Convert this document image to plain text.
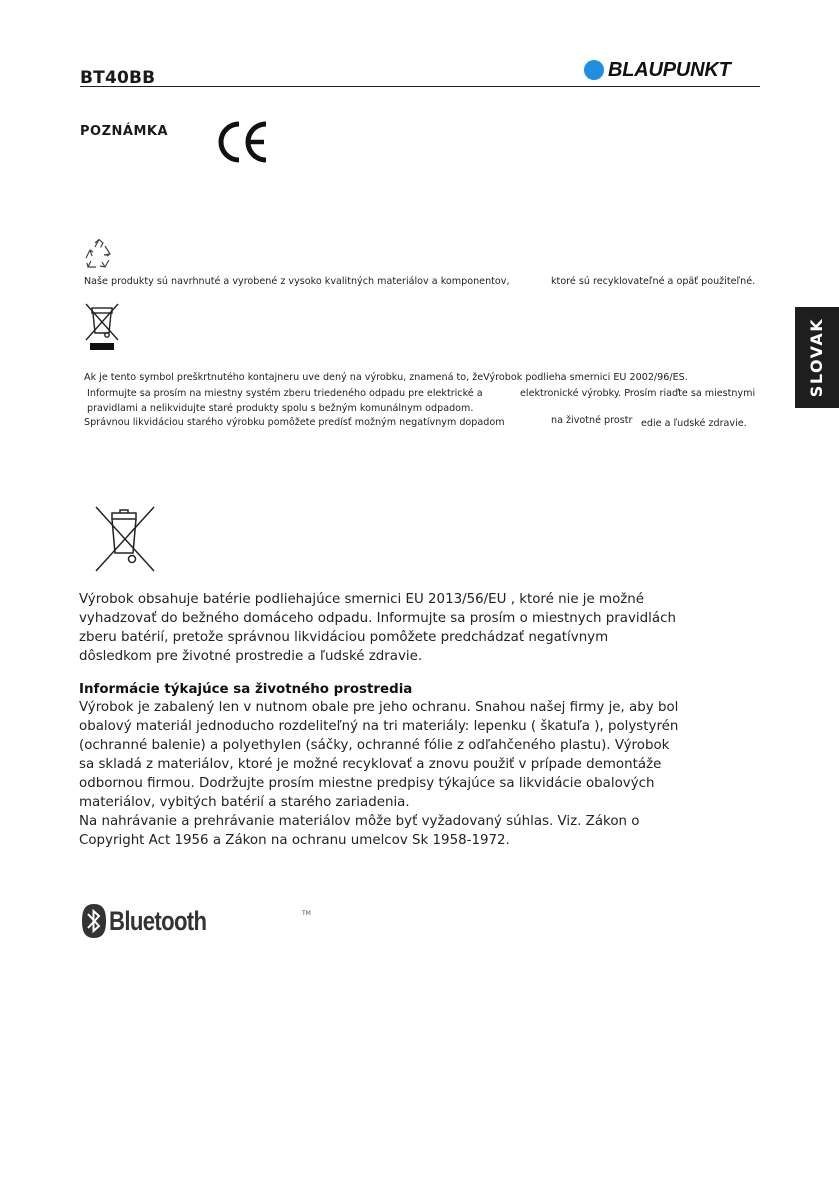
BT40BB	BLAUPUNKT
SLOVAK
POZNÁMKA
Naše produkty sú navrhnuté a vyrobené z vysoko kvalitných materiálov a komponentov,	ktoré sú recyklovateľné a opäť použiteľné.
Ak je tento symbol preškrtnutého kontajneru uve dený na výrobku, znamená to, žeVýrobok podlieha smernici EU 2002/96/ES.
Informujte sa prosím na miestny systém zberu triedeného odpadu pre elektrické a	elektronické výrobky. Prosím riaďte sa miestnymi
pravidlami a nelikvidujte staré produkty spolu s bežným komunálnym odpadom.
Správnou likvidáciou starého výrobku pomôžete predísť možným negatívnym dopadom	na životné prostr edie a ľudské zdravie.
Výrobok obsahuje batérie podliehajúce smernici EU 2013/56/EU , ktoré nie je možné
vyhadzovať do bežného domáceho odpadu. Informujte sa prosím o miestnych pravidlách
zberu batérií, pretože správnou likvidáciou pomôžete predchádzať negatívnym
dôsledkom pre životné prostredie a ľudské zdravie.
Informácie týkajúce sa životného prostredia
Výrobok je zabalený len v nutnom obale pre jeho ochranu. Snahou našej firmy je, aby bol
obalový materiál jednoducho rozdeliteľný na tri materiály: lepenku ( škatuľa ), polystyrén
(ochranné balenie) a polyethylen (sáčky, ochranné fólie z odľahčeného plastu). Výrobok
sa skladá z materiálov, ktoré je možné recyklovať a znovu použiť v prípade demontáže
odbornou firmou. Dodržujte prosím miestne predpisy týkajúce sa likvidácie obalových
materiálov, vybitých batérií a starého zariadenia.
Na nahrávanie a prehrávanie materiálov môže byť vyžadovaný súhlas. Viz. Zákon o
Copyright Act 1956 a Zákon na ochranu umelcov Sk 1958-1972.
Bluetooth	TM
